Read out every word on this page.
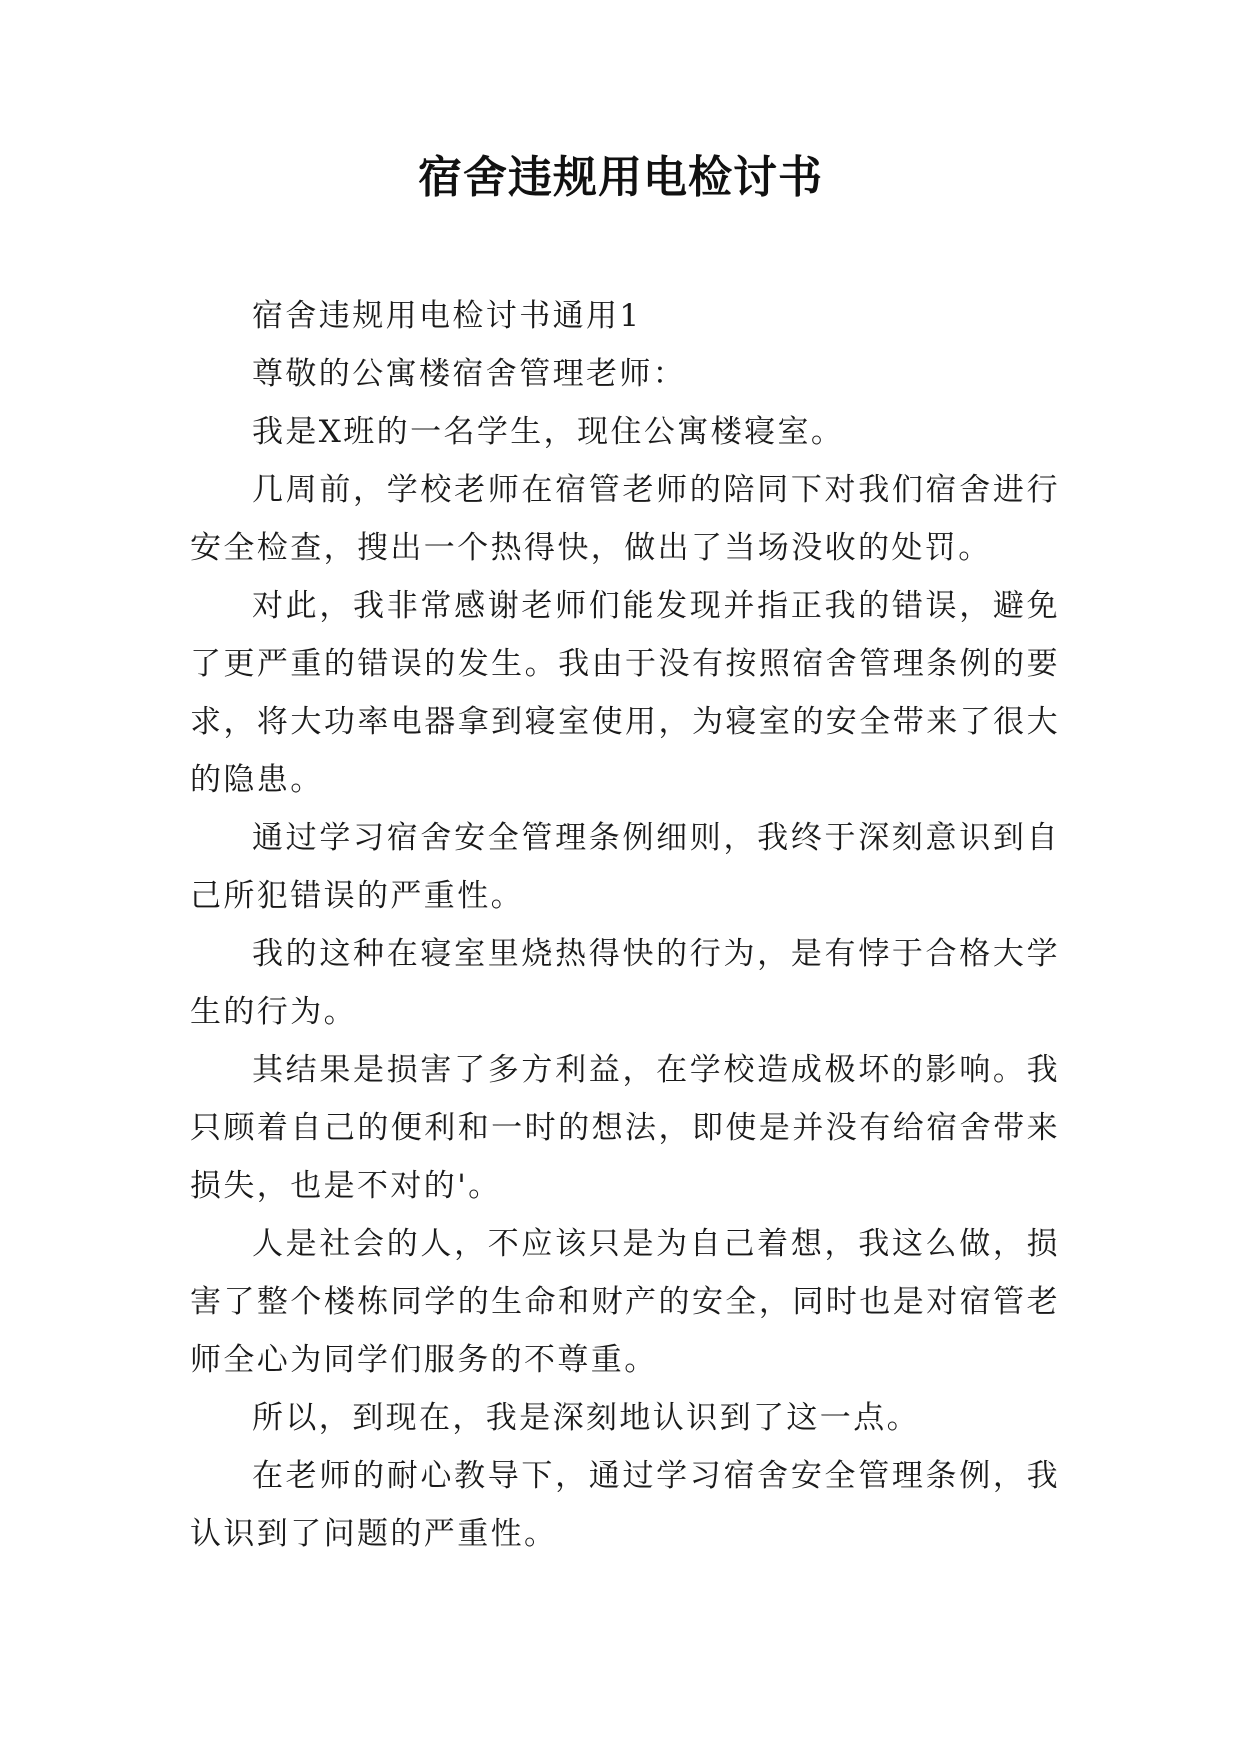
宿舍违规用电检讨书

宿舍违规用电检讨书通用1

尊敬的公寓楼宿舍管理老师：

我是X班的一名学生，现住公寓楼寝室。

几周前，学校老师在宿管老师的陪同下对我们宿舍进行安全检查，搜出一个热得快，做出了当场没收的处罚。

对此，我非常感谢老师们能发现并指正我的错误，避免了更严重的错误的发生。我由于没有按照宿舍管理条例的要求，将大功率电器拿到寝室使用，为寝室的安全带来了很大的隐患。

通过学习宿舍安全管理条例细则，我终于深刻意识到自己所犯错误的严重性。

我的这种在寝室里烧热得快的行为，是有悖于合格大学生的行为。

其结果是损害了多方利益，在学校造成极坏的影响。我只顾着自己的便利和一时的想法，即使是并没有给宿舍带来损失，也是不对的'。

人是社会的人，不应该只是为自己着想，我这么做，损害了整个楼栋同学的生命和财产的安全，同时也是对宿管老师全心为同学们服务的不尊重。

所以，到现在，我是深刻地认识到了这一点。

在老师的耐心教导下，通过学习宿舍安全管理条例，我认识到了问题的严重性。
